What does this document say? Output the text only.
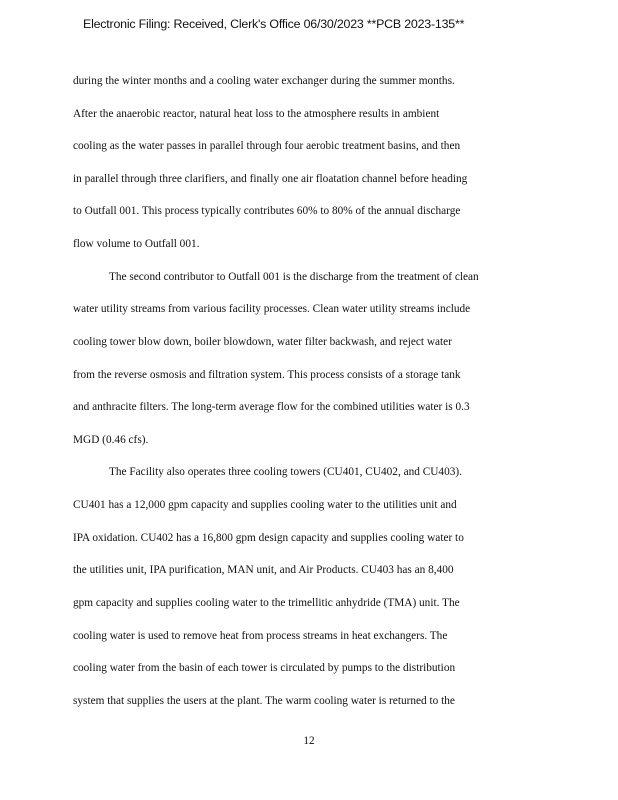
Electronic Filing: Received, Clerk's Office 06/30/2023 **PCB 2023-135**
during the winter months and a cooling water exchanger during the summer months.
After the anaerobic reactor, natural heat loss to the atmosphere results in ambient
cooling as the water passes in parallel through four aerobic treatment basins, and then
in parallel through three clarifiers, and finally one air floatation channel before heading
to Outfall 001. This process typically contributes 60% to 80% of the annual discharge
flow volume to Outfall 001.
The second contributor to Outfall 001 is the discharge from the treatment of clean
water utility streams from various facility processes. Clean water utility streams include
cooling tower blow down, boiler blowdown, water filter backwash, and reject water
from the reverse osmosis and filtration system. This process consists of a storage tank
and anthracite filters. The long-term average flow for the combined utilities water is 0.3
MGD (0.46 cfs).
The Facility also operates three cooling towers (CU401, CU402, and CU403).
CU401 has a 12,000 gpm capacity and supplies cooling water to the utilities unit and
IPA oxidation. CU402 has a 16,800 gpm design capacity and supplies cooling water to
the utilities unit, IPA purification, MAN unit, and Air Products. CU403 has an 8,400
gpm capacity and supplies cooling water to the trimellitic anhydride (TMA) unit. The
cooling water is used to remove heat from process streams in heat exchangers. The
cooling water from the basin of each tower is circulated by pumps to the distribution
system that supplies the users at the plant. The warm cooling water is returned to the
12
